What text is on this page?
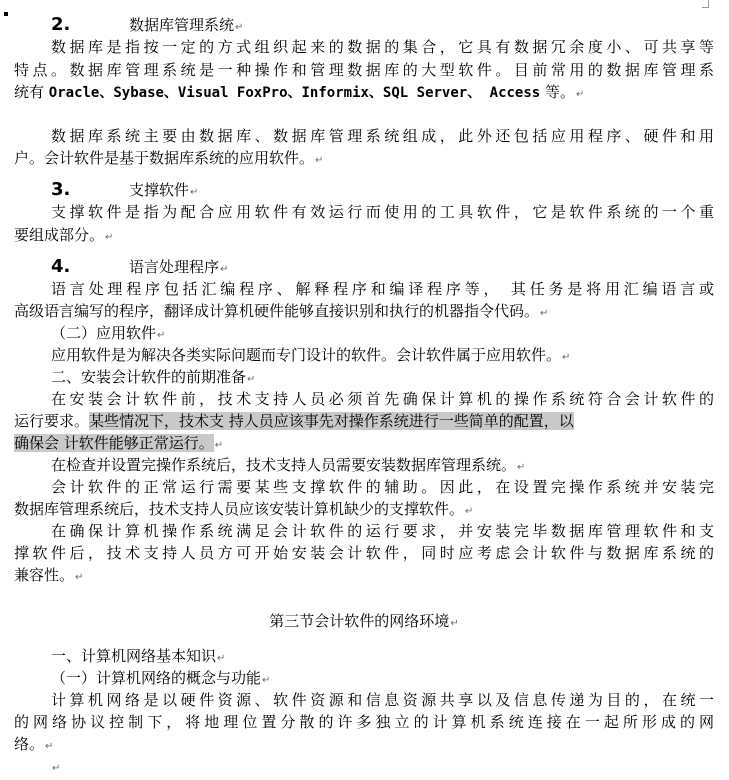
2.	数据库管理系统↵
数据库是指按一定的方式组织起来的数据的集合，它具有数据冗余度小、可共享等
特点。数据库管理系统是一种操作和管理数据库的大型软件。目前常用的数据库管理系
统有 Oracle、Sybase、Visual FoxPro、Informix、SQL Server、 Access 等。↵
数据库系统主要由数据库、数据库管理系统组成，此外还包括应用程序、硬件和用
户。会计软件是基于数据库系统的应用软件。↵
3.	支撑软件↵
支撑软件是指为配合应用软件有效运行而使用的工具软件，它是软件系统的一个重
要组成部分。↵
4.	语言处理程序↵
语言处理程序包括汇编程序、解释程序和编译程序等， 其任务是将用汇编语言或
高级语言编写的程序，翻译成计算机硬件能够直接识别和执行的机器指令代码。↵
（二）应用软件↵
应用软件是为解决各类实际问题而专门设计的软件。会计软件属于应用软件。↵
二、安装会计软件的前期准备↵
在安装会计软件前，技术支持人员必须首先确保计算机的操作系统符合会计软件的
运行要求。某些情况下，技术支 持人员应该事先对操作系统进行一些简单的配置，以
确保会 计软件能够正常运行。↵
在检查并设置完操作系统后，技术支持人员需要安装数据库管理系统。↵
会计软件的正常运行需要某些支撑软件的辅助。因此，在设置完操作系统并安装完
数据库管理系统后，技术支持人员应该安装计算机缺少的支撑软件。↵
在确保计算机操作系统满足会计软件的运行要求，并安装完毕数据库管理软件和支
撑软件后，技术支持人员方可开始安装会计软件，同时应考虑会计软件与数据库系统的
兼容性。↵
第三节会计软件的网络环境↵
一、计算机网络基本知识↵
（一）计算机网络的概念与功能↵
计算机网络是以硬件资源、软件资源和信息资源共享以及信息传递为目的，在统一
的网络协议控制下，将地理位置分散的许多独立的计算机系统连接在一起所形成的网
络。↵
↵
